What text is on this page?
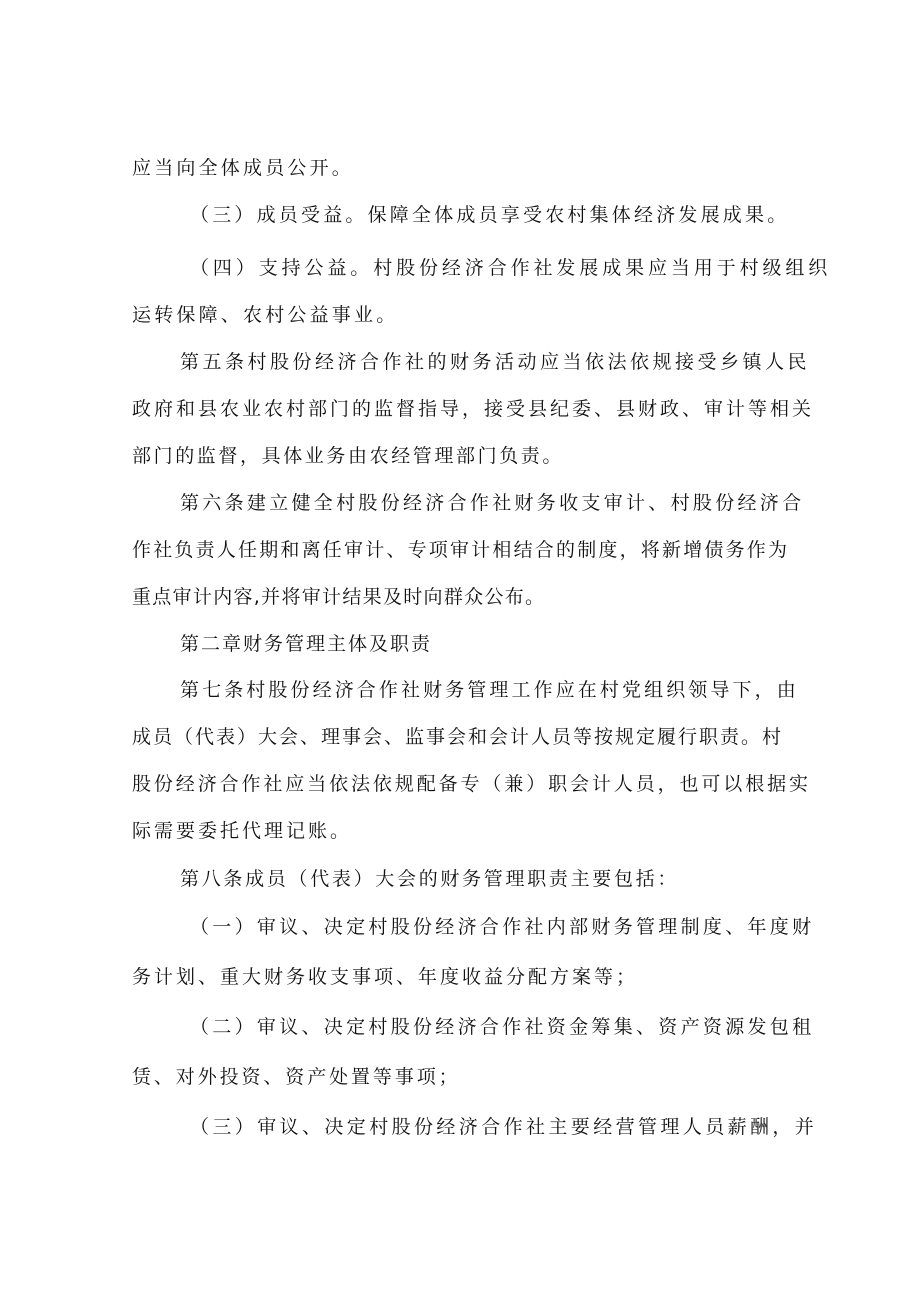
应当向全体成员公开。
（三）成员受益。保障全体成员享受农村集体经济发展成果。
（四）支持公益。村股份经济合作社发展成果应当用于村级组织
运转保障、农村公益事业。
第五条村股份经济合作社的财务活动应当依法依规接受乡镇人民
政府和县农业农村部门的监督指导，接受县纪委、县财政、审计等相关
部门的监督，具体业务由农经管理部门负责。
第六条建立健全村股份经济合作社财务收支审计、村股份经济合
作社负责人任期和离任审计、专项审计相结合的制度，将新增债务作为
重点审计内容,并将审计结果及时向群众公布。
第二章财务管理主体及职责
第七条村股份经济合作社财务管理工作应在村党组织领导下，由
成员（代表）大会、理事会、监事会和会计人员等按规定履行职责。村
股份经济合作社应当依法依规配备专（兼）职会计人员，也可以根据实
际需要委托代理记账。
第八条成员（代表）大会的财务管理职责主要包括：
（一）审议、决定村股份经济合作社内部财务管理制度、年度财
务计划、重大财务收支事项、年度收益分配方案等；
（二）审议、决定村股份经济合作社资金筹集、资产资源发包租
赁、对外投资、资产处置等事项；
（三）审议、决定村股份经济合作社主要经营管理人员薪酬，并
